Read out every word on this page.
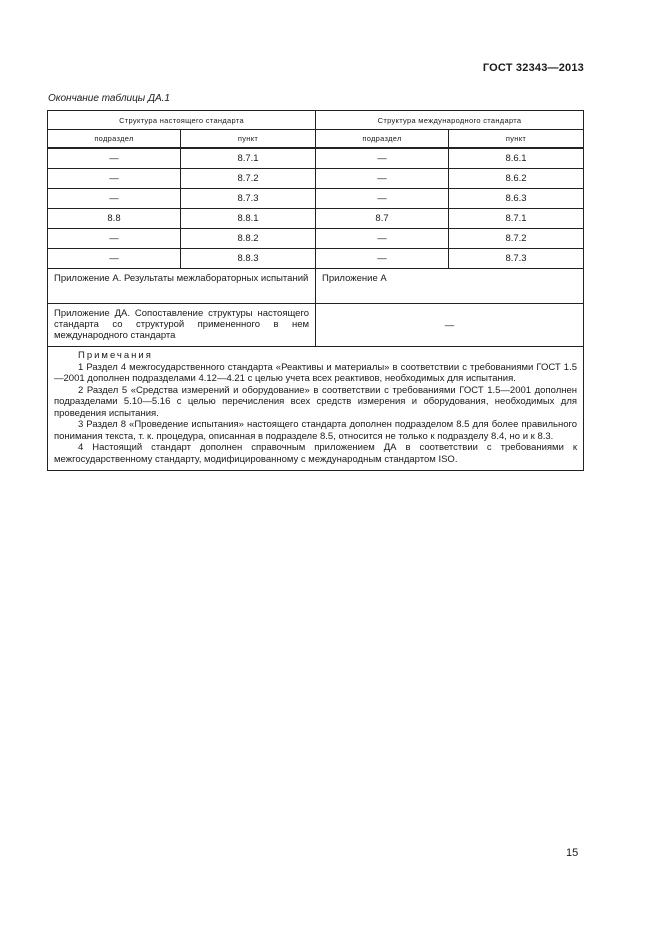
ГОСТ 32343—2013
Окончание таблицы ДА.1
Структура настоящего стандарта		Структура международного стандарта	
подраздел	пункт	подраздел	пункт
—	8.7.1	—	8.6.1
—	8.7.2	—	8.6.2
—	8.7.3	—	8.6.3
8.8	8.8.1	8.7	8.7.1
—	8.8.2	—	8.7.2
—	8.8.3	—	8.7.3
Приложение А. Результаты межлабораторных испытаний		Приложение А	
Приложение ДА. Сопоставление структуры настоящего стандарта со структурой примененного в нем международного стандарта		—	

Примечания
1 Раздел 4 межгосударственного стандарта «Реактивы и материалы» в соответствии с требованиями ГОСТ 1.5—2001 дополнен подразделами 4.12—4.21 с целью учета всех реактивов, необходимых для испытания.
2 Раздел 5 «Средства измерений и оборудование» в соответствии с требованиями ГОСТ 1.5—2001 дополнен подразделами 5.10—5.16 с целью перечисления всех средств измерения и оборудования, необходимых для проведения испытания.
3 Раздел 8 «Проведение испытания» настоящего стандарта дополнен подразделом 8.5 для более правильного понимания текста, т. к. процедура, описанная в подразделе 8.5, относится не только к подразделу 8.4, но и к 8.3.
4 Настоящий стандарт дополнен справочным приложением ДА в соответствии с требованиями к межгосударственному стандарту, модифицированному с международным стандартом ISO.			
15
